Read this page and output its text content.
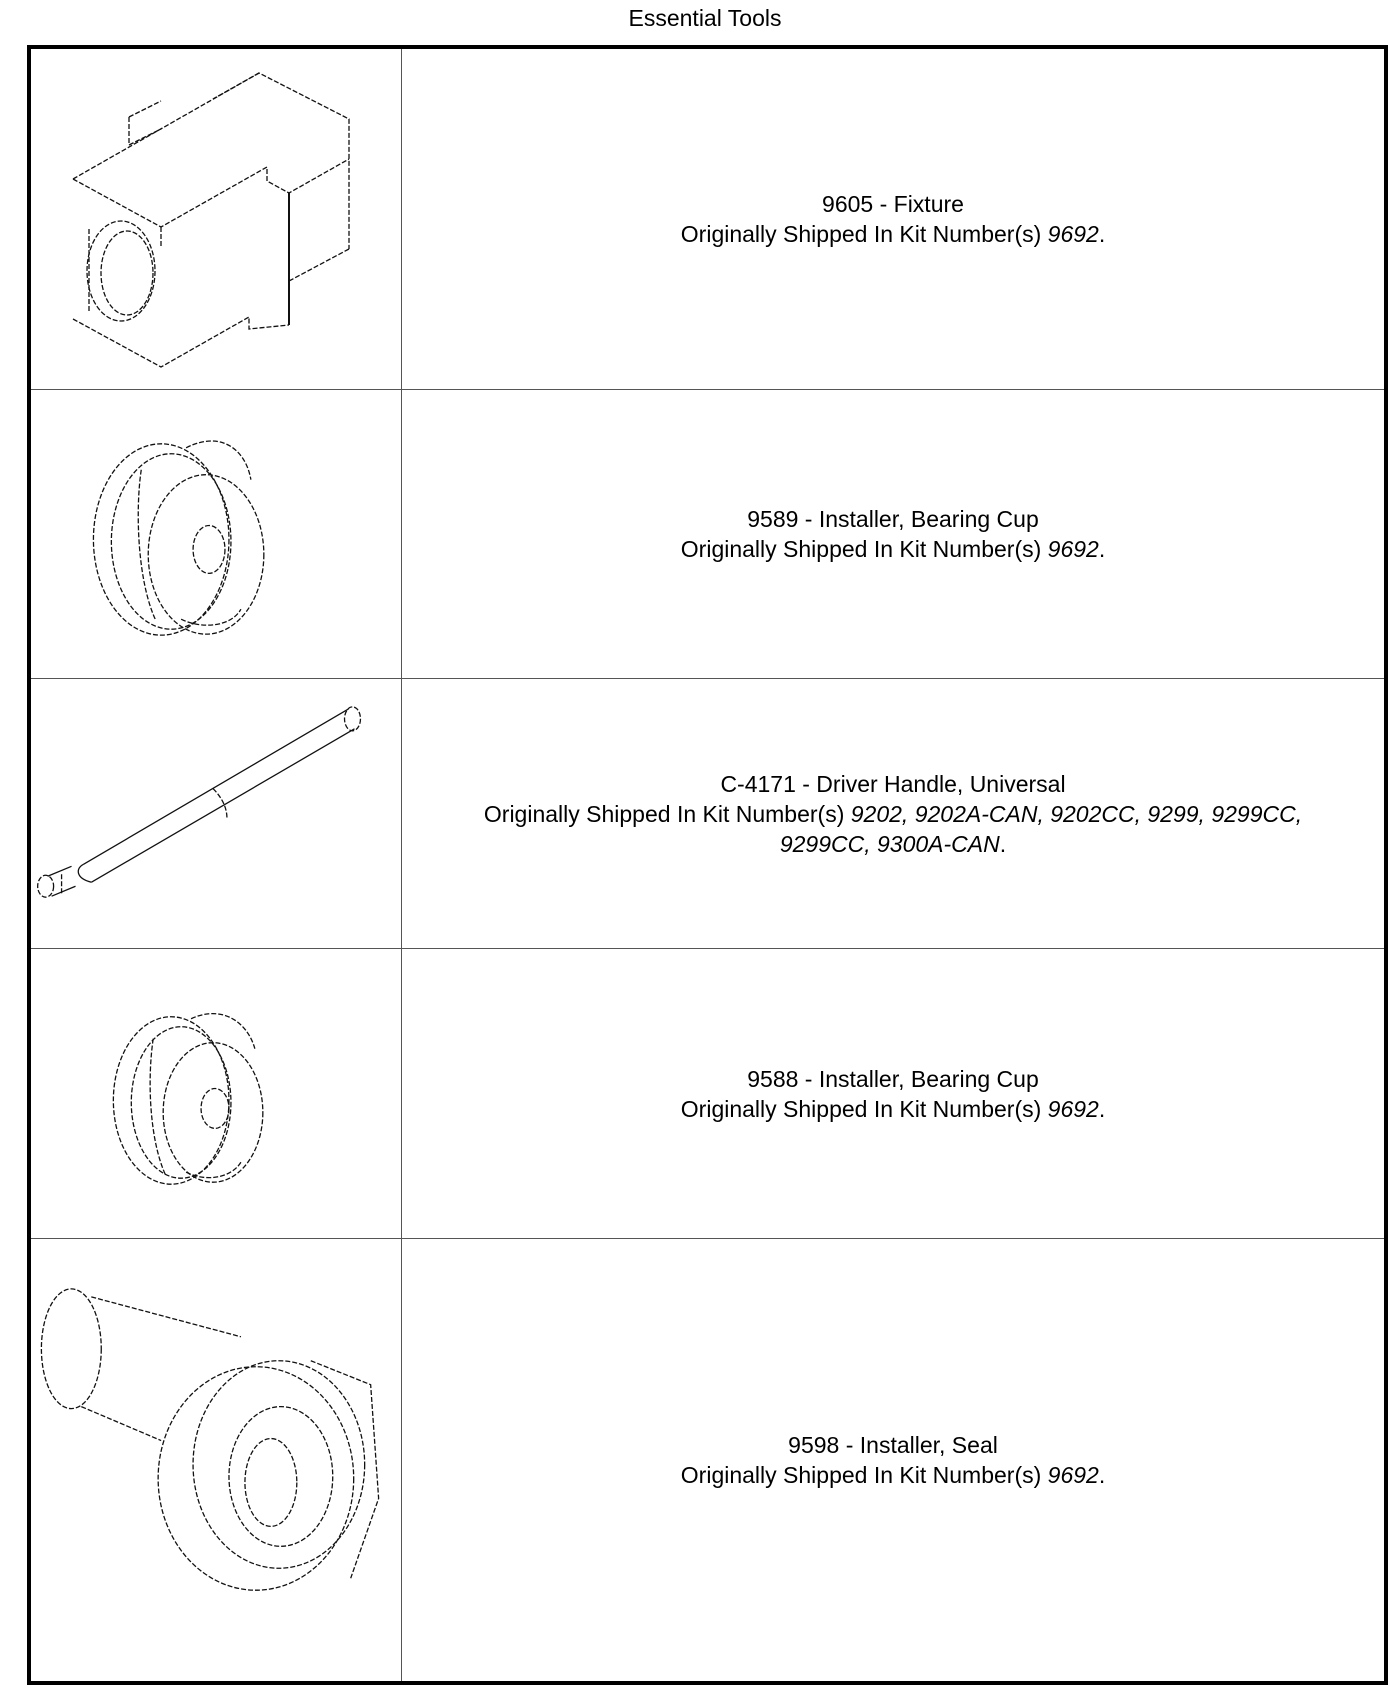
Essential Tools
9605 - Fixture
Originally Shipped In Kit Number(s) 9692.
9589 - Installer, Bearing Cup
Originally Shipped In Kit Number(s) 9692.
C-4171 - Driver Handle, Universal
Originally Shipped In Kit Number(s) 9202, 9202A-CAN, 9202CC, 9299, 9299CC, 9299CC, 9300A-CAN.
9588 - Installer, Bearing Cup
Originally Shipped In Kit Number(s) 9692.
9598 - Installer, Seal
Originally Shipped In Kit Number(s) 9692.
